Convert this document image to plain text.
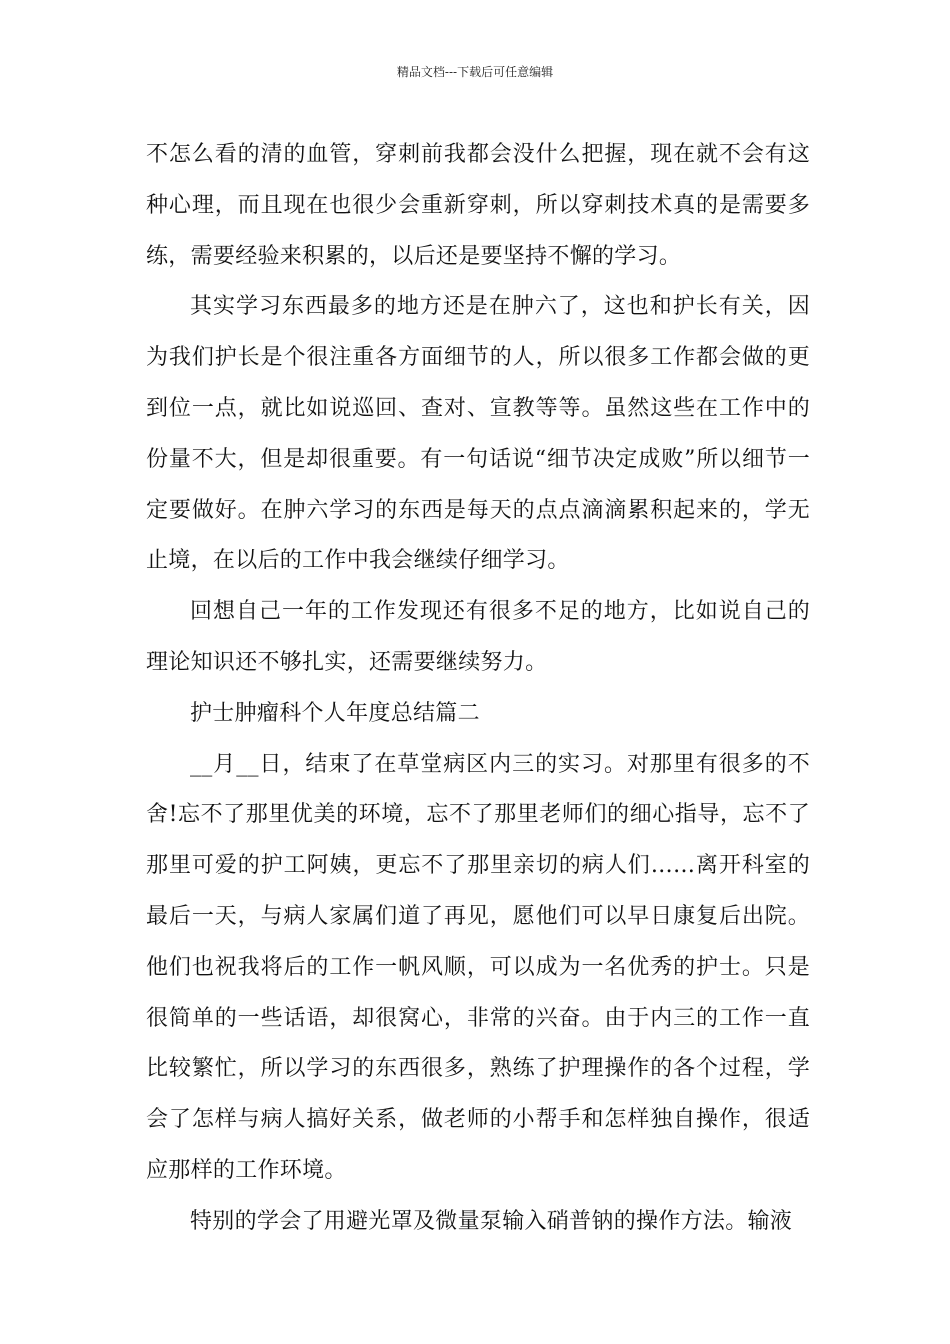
精品文档---下载后可任意编辑

不怎么看的清的血管，穿刺前我都会没什么把握，现在就不会有这种心理，而且现在也很少会重新穿刺，所以穿刺技术真的是需要多练，需要经验来积累的，以后还是要坚持不懈的学习。

其实学习东西最多的地方还是在肿六了，这也和护长有关，因为我们护长是个很注重各方面细节的人，所以很多工作都会做的更到位一点，就比如说巡回、查对、宣教等等。虽然这些在工作中的份量不大，但是却很重要。有一句话说“细节决定成败”所以细节一定要做好。在肿六学习的东西是每天的点点滴滴累积起来的，学无止境，在以后的工作中我会继续仔细学习。

回想自己一年的工作发现还有很多不足的地方，比如说自己的理论知识还不够扎实，还需要继续努力。

护士肿瘤科个人年度总结篇二

__月__日，结束了在草堂病区内三的实习。对那里有很多的不舍!忘不了那里优美的环境，忘不了那里老师们的细心指导，忘不了那里可爱的护工阿姨，更忘不了那里亲切的病人们……离开科室的最后一天，与病人家属们道了再见，愿他们可以早日康复后出院。他们也祝我将后的工作一帆风顺，可以成为一名优秀的护士。只是很简单的一些话语，却很窝心，非常的兴奋。由于内三的工作一直比较繁忙，所以学习的东西很多，熟练了护理操作的各个过程，学会了怎样与病人搞好关系，做老师的小帮手和怎样独自操作，很适应那样的工作环境。

特别的学会了用避光罩及微量泵输入硝普钠的操作方法。输液
